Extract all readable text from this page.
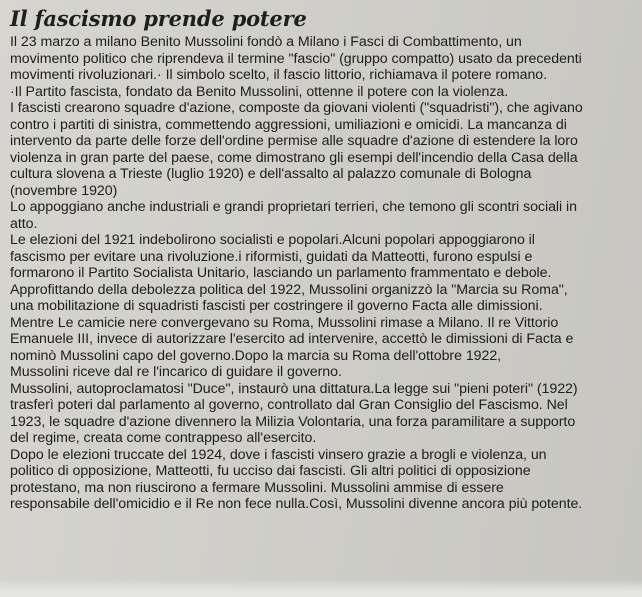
Il fascismo prende potere

Il 23 marzo a milano Benito Mussolini fondò a Milano i Fasci di Combattimento, un
movimento politico che riprendeva il termine "fascio" (gruppo compatto) usato da precedenti
movimenti rivoluzionari.· Il simbolo scelto, il fascio littorio, richiamava il potere romano.
·Il Partito fascista, fondato da Benito Mussolini, ottenne il potere con la violenza.
I fascisti crearono squadre d'azione, composte da giovani violenti ("squadristi"), che agivano
contro i partiti di sinistra, commettendo aggressioni, umiliazioni e omicidi. La mancanza di
intervento da parte delle forze dell'ordine permise alle squadre d'azione di estendere la loro
violenza in gran parte del paese, come dimostrano gli esempi dell'incendio della Casa della
cultura slovena a Trieste (luglio 1920) e dell'assalto al palazzo comunale di Bologna
(novembre 1920)

Lo appoggiano anche industriali e grandi proprietari terrieri, che temono gli scontri sociali in
atto.

Le elezioni del 1921 indebolirono socialisti e popolari.Alcuni popolari appoggiarono il
fascismo per evitare una rivoluzione.i riformisti, guidati da Matteotti, furono espulsi e
formarono il Partito Socialista Unitario, lasciando un parlamento frammentato e debole.
Approfittando della debolezza politica del 1922, Mussolini organizzò la "Marcia su Roma",
una mobilitazione di squadristi fascisti per costringere il governo Facta alle dimissioni.
Mentre Le camicie nere convergevano su Roma, Mussolini rimase a Milano. Il re Vittorio
Emanuele III, invece di autorizzare l'esercito ad intervenire, accettò le dimissioni di Facta e
nominò Mussolini capo del governo.Dopo la marcia su Roma dell'ottobre 1922,
Mussolini riceve dal re l'incarico di guidare il governo.
Mussolini, autoproclamatosi "Duce", instaurò una dittatura.La legge sui "pieni poteri" (1922)
trasferì poteri dal parlamento al governo, controllato dal Gran Consiglio del Fascismo. Nel
1923, le squadre d'azione divennero la Milizia Volontaria, una forza paramilitare a supporto
del regime, creata come contrappeso all'esercito.
Dopo le elezioni truccate del 1924, dove i fascisti vinsero grazie a brogli e violenza, un
politico di opposizione, Matteotti, fu ucciso dai fascisti. Gli altri politici di opposizione
protestano, ma non riuscirono a fermare Mussolini. Mussolini ammise di essere
responsabile dell'omicidio e il Re non fece nulla.Così, Mussolini divenne ancora più potente.
